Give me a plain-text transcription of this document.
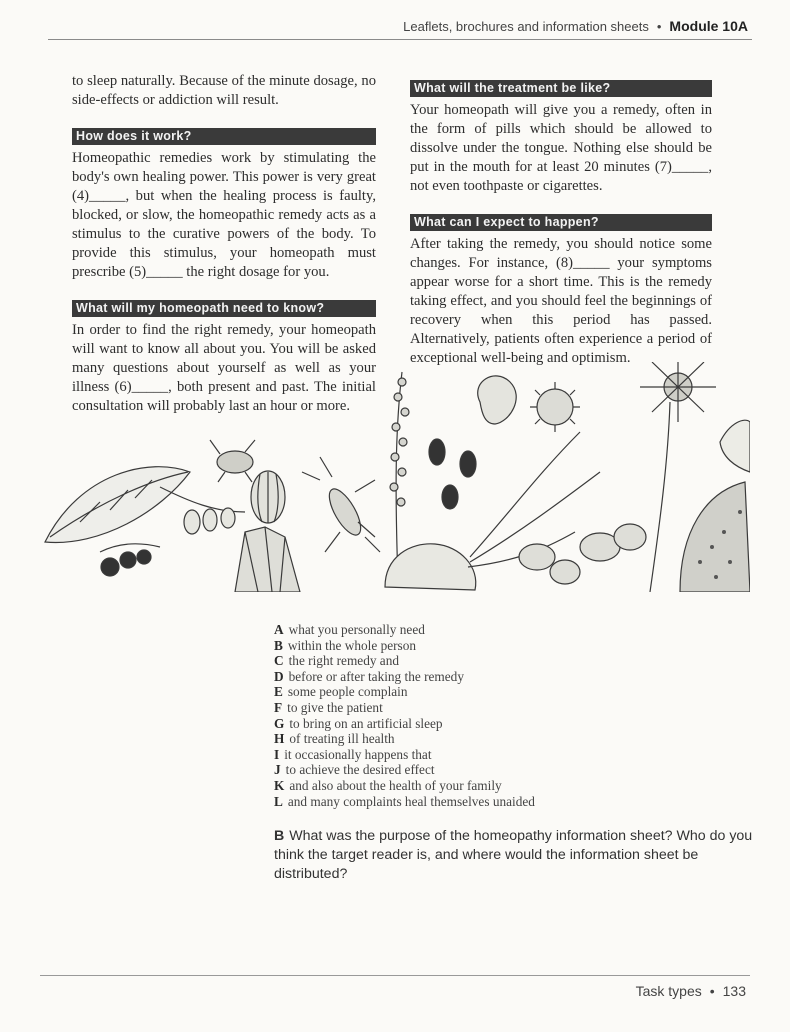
Leaflets, brochures and information sheets • Module 10A

to sleep naturally. Because of the minute dosage, no side-effects or addiction will result.

How does it work?

Homeopathic remedies work by stimulating the body's own healing power. This power is very great (4)_____, but when the healing process is faulty, blocked, or slow, the homeopathic remedy acts as a stimulus to the curative powers of the body. To provide this stimulus, your homeopath must prescribe (5)_____ the right dosage for you.

What will my homeopath need to know?

In order to find the right remedy, your homeopath will want to know all about you. You will be asked many questions about yourself as well as your illness (6)_____, both present and past. The initial consultation will probably last an hour or more.

What will the treatment be like?

Your homeopath will give you a remedy, often in the form of pills which should be allowed to dissolve under the tongue. Nothing else should be put in the mouth for at least 20 minutes (7)_____, not even toothpaste or cigarettes.

What can I expect to happen?

After taking the remedy, you should notice some changes. For instance, (8)_____ your symptoms appear worse for a short time. This is the remedy taking effect, and you should feel the beginnings of recovery when this period has passed. Alternatively, patients often experience a period of exceptional well-being and optimism.

A what you personally need
B within the whole person
C the right remedy and
D before or after taking the remedy
E some people complain
F to give the patient
G to bring on an artificial sleep
H of treating ill health
I it occasionally happens that
J to achieve the desired effect
K and also about the health of your family
L and many complaints heal themselves unaided
B What was the purpose of the homeopathy information sheet? Who do you think the target reader is, and where would the information sheet be distributed?
Task types • 133
